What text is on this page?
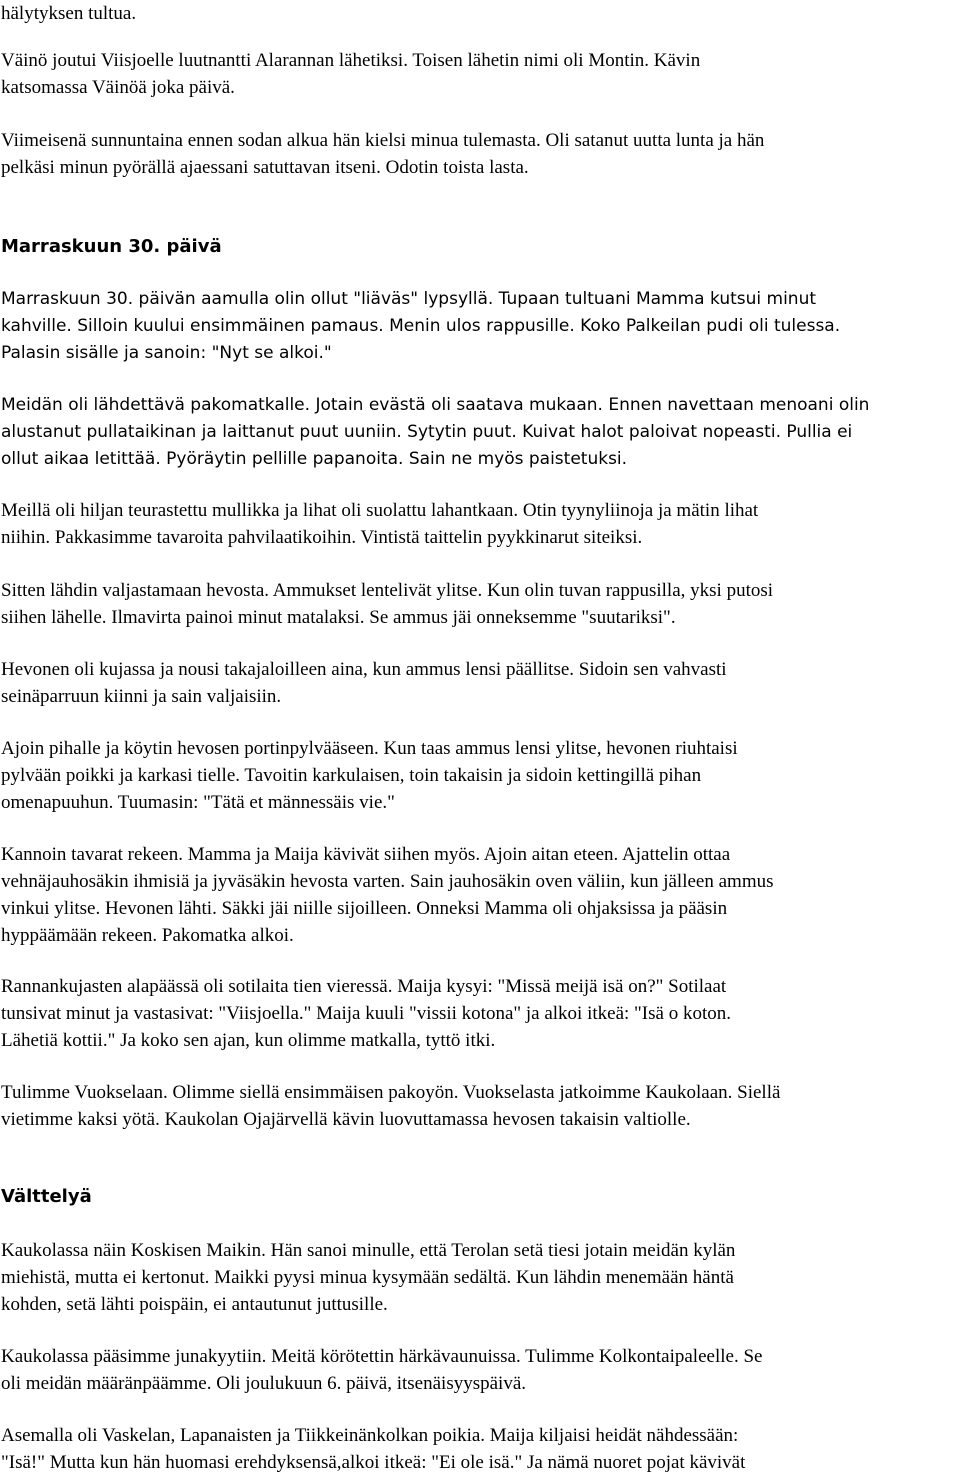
hälytyksen tultua.

Väinö joutui Viisjoelle luutnantti Alarannan lähetiksi. Toisen lähetin nimi oli Montin. Kävin
katsomassa Väinöä joka päivä.

Viimeisenä sunnuntaina ennen sodan alkua hän kielsi minua tulemasta. Oli satanut uutta lunta ja hän
pelkäsi minun pyörällä ajaessani satuttavan itseni. Odotin toista lasta.

Marraskuun 30. päivä

Marraskuun 30. päivän aamulla olin ollut "liäväs" lypsyllä. Tupaan tultuani Mamma kutsui minut
kahville. Silloin kuului ensimmäinen pamaus. Menin ulos rappusille. Koko Palkeilan pudi oli tulessa.
Palasin sisälle ja sanoin: "Nyt se alkoi."

Meidän oli lähdettävä pakomatkalle. Jotain evästä oli saatava mukaan. Ennen navettaan menoani olin
alustanut pullataikinan ja laittanut puut uuniin. Sytytin puut. Kuivat halot paloivat nopeasti. Pullia ei
ollut aikaa letittää. Pyöräytin pellille papanoita. Sain ne myös paistetuksi.

Meillä oli hiljan teurastettu mullikka ja lihat oli suolattu lahantkaan. Otin tyynyliinoja ja mätin lihat
niihin. Pakkasimme tavaroita pahvilaatikoihin. Vintistä taittelin pyykkinarut siteiksi.

Sitten lähdin valjastamaan hevosta. Ammukset lentelivät ylitse. Kun olin tuvan rappusilla, yksi putosi
siihen lähelle. Ilmavirta painoi minut matalaksi. Se ammus jäi onneksemme "suutariksi".

Hevonen oli kujassa ja nousi takajaloilleen aina, kun ammus lensi päällitse. Sidoin sen vahvasti
seinäparruun kiinni ja sain valjaisiin.

Ajoin pihalle ja köytin hevosen portinpylvääseen. Kun taas ammus lensi ylitse, hevonen riuhtaisi
pylvään poikki ja karkasi tielle. Tavoitin karkulaisen, toin takaisin ja sidoin kettingillä pihan
omenapuuhun. Tuumasin: "Tätä et männessäis vie."

Kannoin tavarat rekeen. Mamma ja Maija kävivät siihen myös. Ajoin aitan eteen. Ajattelin ottaa
vehnäjauhosäkin ihmisiä ja jyväsäkin hevosta varten. Sain jauhosäkin oven väliin, kun jälleen ammus
vinkui ylitse. Hevonen lähti. Säkki jäi niille sijoilleen. Onneksi Mamma oli ohjaksissa ja pääsin
hyppäämään rekeen. Pakomatka alkoi.

Rannankujasten alapäässä oli sotilaita tien vieressä. Maija kysyi: "Missä meijä isä on?" Sotilaat
tunsivat minut ja vastasivat: "Viisjoella." Maija kuuli "vissii kotona" ja alkoi itkeä: "Isä o koton.
Lähetiä kottii." Ja koko sen ajan, kun olimme matkalla, tyttö itki.

Tulimme Vuokselaan. Olimme siellä ensimmäisen pakoyön. Vuokselasta jatkoimme Kaukolaan. Siellä
vietimme kaksi yötä. Kaukolan Ojajärvellä kävin luovuttamassa hevosen takaisin valtiolle.

Välttelyä

Kaukolassa näin Koskisen Maikin. Hän sanoi minulle, että Terolan setä tiesi jotain meidän kylän
miehistä, mutta ei kertonut. Maikki pyysi minua kysymään sedältä. Kun lähdin menemään häntä
kohden, setä lähti poispäin, ei antautunut juttusille.

Kaukolassa pääsimme junakyytiin. Meitä körötettin härkävaunuissa. Tulimme Kolkontaipaleelle. Se
oli meidän määränpäämme. Oli joulukuun 6. päivä, itsenäisyyspäivä.

Asemalla oli Vaskelan, Lapanaisten ja Tiikkeinänkolkan poikia. Maija kiljaisi heidät nähdessään:
"Isä!" Mutta kun hän huomasi erehdyksensä,alkoi itkeä: "Ei ole isä." Ja nämä nuoret pojat kävivät
